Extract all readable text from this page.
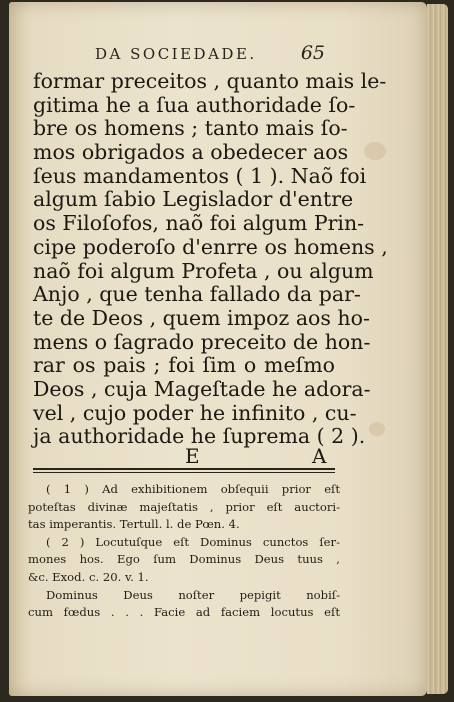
DA SOCIEDADE. 65
formar preceitos , quanto mais le-
gitima he a ſua authoridade ſo-
bre os homens ; tanto mais ſo-
mos obrigados a obedecer aos
ſeus mandamentos ( 1 ). Naõ foi
algum ſabio Legislador d'entre
os Filoſofos, naõ foi algum Prin-
cipe poderoſo d'enrre os homens ,
naõ foi algum Profeta , ou algum
Anjo , que tenha fallado da par-
te de Deos , quem impoz aos ho-
mens o ſagrado preceito de hon-
rar os pais ; foi ſim o meſmo
Deos , cuja Mageſtade he adora-
vel , cujo poder he infinito , cu-
ja authoridade he ſuprema ( 2 ).
E	A
( 1 ) Ad exhibitionem obſequii prior eſt
poteſtas divinæ majeſtatis , prior eſt auctori-
tas imperantis. Tertull. l. de Pœn. 4.
( 2 ) Locutuſque eſt Dominus cunctos ſer-
mones hos. Ego ſum Dominus Deus tuus ,
&c. Exod. c. 20. v. 1.
Dominus Deus noſter pepigit nobiſ-
cum fœdus . . . Facie ad faciem locutus eſt
